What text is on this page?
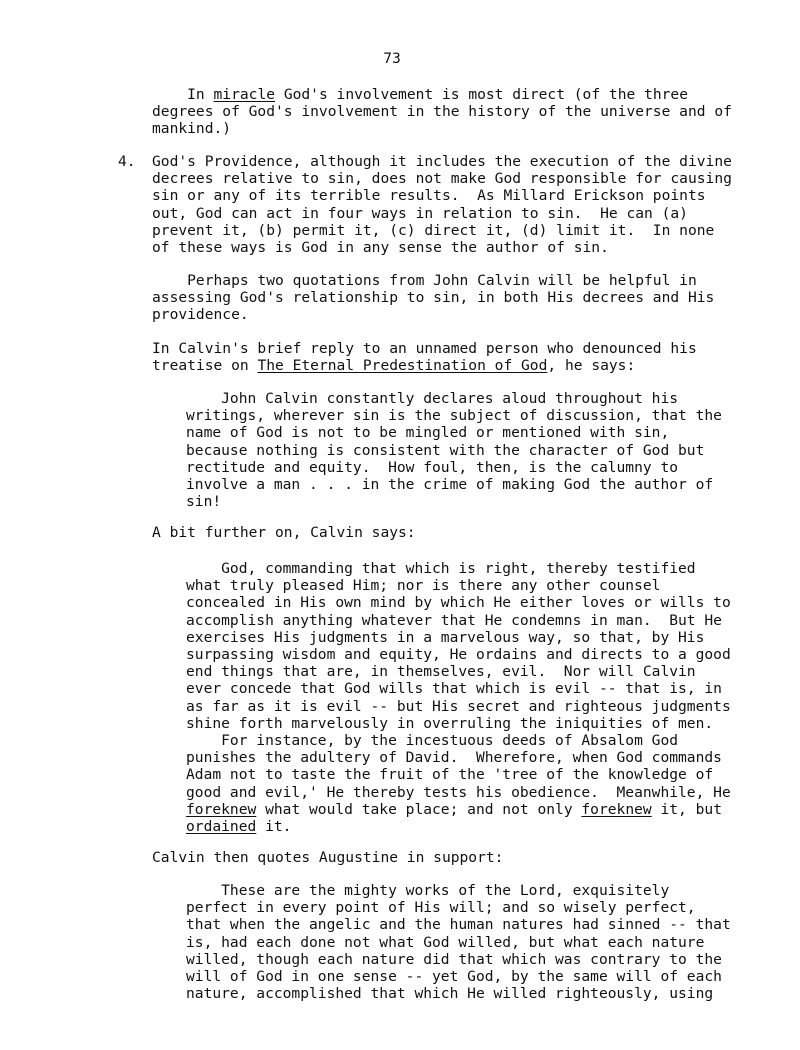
73

In miracle God's involvement is most direct (of the three
degrees of God's involvement in the history of the universe and of
mankind.)

4. God's Providence, although it includes the execution of the divine
decrees relative to sin, does not make God responsible for causing
sin or any of its terrible results.  As Millard Erickson points
out, God can act in four ways in relation to sin.  He can (a)
prevent it, (b) permit it, (c) direct it, (d) limit it.  In none
of these ways is God in any sense the author of sin.

Perhaps two quotations from John Calvin will be helpful in
assessing God's relationship to sin, in both His decrees and His
providence.

In Calvin's brief reply to an unnamed person who denounced his
treatise on The Eternal Predestination of God, he says:

John Calvin constantly declares aloud throughout his
writings, wherever sin is the subject of discussion, that the
name of God is not to be mingled or mentioned with sin,
because nothing is consistent with the character of God but
rectitude and equity.  How foul, then, is the calumny to
involve a man . . . in the crime of making God the author of
sin!

A bit further on, Calvin says:

God, commanding that which is right, thereby testified
what truly pleased Him; nor is there any other counsel
concealed in His own mind by which He either loves or wills to
accomplish anything whatever that He condemns in man.  But He
exercises His judgments in a marvelous way, so that, by His
surpassing wisdom and equity, He ordains and directs to a good
end things that are, in themselves, evil.  Nor will Calvin
ever concede that God wills that which is evil -- that is, in
as far as it is evil -- but His secret and righteous judgments
shine forth marvelously in overruling the iniquities of men.
For instance, by the incestuous deeds of Absalom God
punishes the adultery of David.  Wherefore, when God commands
Adam not to taste the fruit of the 'tree of the knowledge of
good and evil,' He thereby tests his obedience.  Meanwhile, He
foreknew what would take place; and not only foreknew it, but
ordained it.

Calvin then quotes Augustine in support:

These are the mighty works of the Lord, exquisitely
perfect in every point of His will; and so wisely perfect,
that when the angelic and the human natures had sinned -- that
is, had each done not what God willed, but what each nature
willed, though each nature did that which was contrary to the
will of God in one sense -- yet God, by the same will of each
nature, accomplished that which He willed righteously, using
